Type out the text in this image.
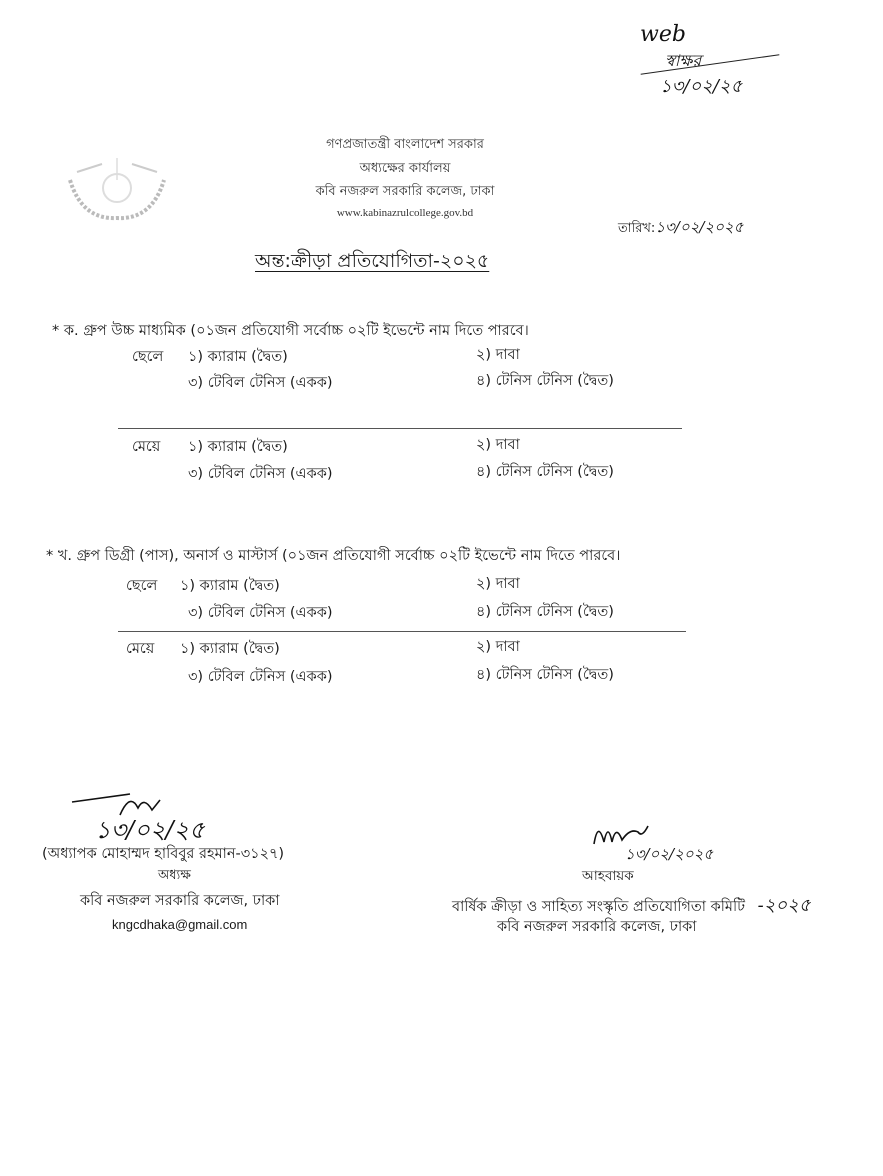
web
স্বাক্ষর
১৩/০২/২৫
গণপ্রজাতন্ত্রী বাংলাদেশ সরকার
অধ্যক্ষের কার্যালয়
কবি নজরুল সরকারি কলেজ, ঢাকা
www.kabinazrulcollege.gov.bd
তারিখ:১৩/০২/২০২৫
অন্ত:ক্রীড়া প্রতিযোগিতা-২০২৫
* ক. গ্রুপ উচ্চ মাধ্যমিক (০১জন প্রতিযোগী সর্বোচ্চ ০২টি ইভেন্টে নাম দিতে পারবে।
ছেলে ১) ক্যারাম (দ্বৈত)	২) দাবা
৩) টেবিল টেনিস (একক)	৪) টেনিস টেনিস (দ্বৈত)
মেয়ে ১) ক্যারাম (দ্বৈত)	২) দাবা
৩) টেবিল টেনিস (একক)	৪) টেনিস টেনিস (দ্বৈত)
* খ. গ্রুপ ডিগ্রী (পাস), অনার্স ও মাস্টার্স (০১জন প্রতিযোগী সর্বোচ্চ ০২টি ইভেন্টে নাম দিতে পারবে।
ছেলে ১) ক্যারাম (দ্বৈত)	২) দাবা
৩) টেবিল টেনিস (একক)	৪) টেনিস টেনিস (দ্বৈত)
মেয়ে ১) ক্যারাম (দ্বৈত)	২) দাবা
৩) টেবিল টেনিস (একক)	৪) টেনিস টেনিস (দ্বৈত)
১৩/০২/২৫
(অধ্যাপক মোহাম্মদ হাবিবুর রহমান-৩১২৭)
অধ্যক্ষ
কবি নজরুল সরকারি কলেজ, ঢাকা
kngcdhaka@gmail.com
১৩/০২/২০২৫
আহবায়ক
বার্ষিক ক্রীড়া ও সাহিত্য সংস্কৃতি প্রতিযোগিতা কমিটি -২০২৫
কবি নজরুল সরকারি কলেজ, ঢাকা
